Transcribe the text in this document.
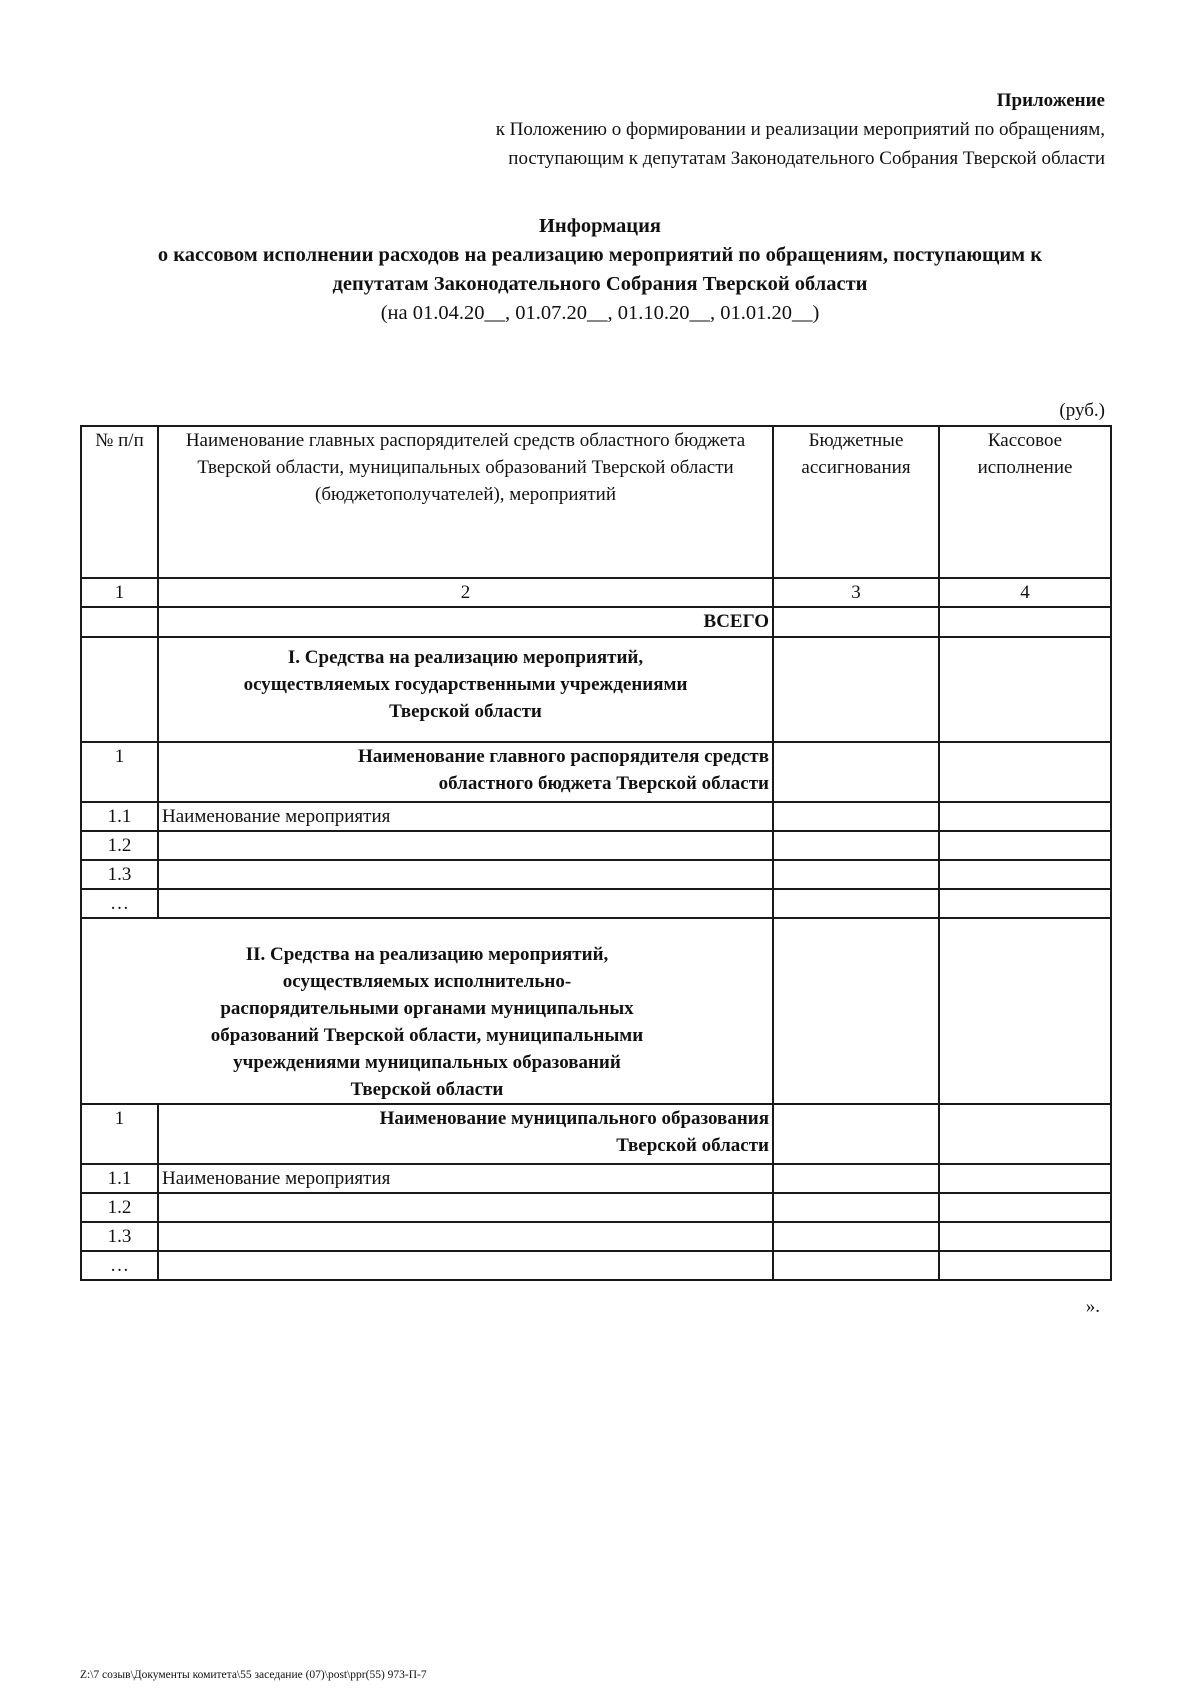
Приложение
к Положению о формировании и реализации мероприятий по обращениям,
поступающим к депутатам Законодательного Собрания Тверской области
Информация
о кассовом исполнении расходов на реализацию мероприятий по обращениям, поступающим к
депутатам Законодательного Собрания Тверской области
(на 01.04.20__, 01.07.20__, 01.10.20__, 01.01.20__)
(руб.)
№ п/п	Наименование главных распорядителей средств областного бюджета Тверской области, муниципальных образований Тверской области (бюджетополучателей), мероприятий	Бюджетные ассигнования	Кассовое исполнение
1	2	3	4
	ВСЕГО		
	I. Средства на реализацию мероприятий, осуществляемых государственными учреждениями Тверской области		
1	Наименование главного распорядителя средств областного бюджета Тверской области		
1.1	Наименование мероприятия		
1.2			
1.3			
…			
II. Средства на реализацию мероприятий, осуществляемых исполнительно-распорядительными органами муниципальных образований Тверской области, муниципальными учреждениями муниципальных образований Тверской области			
1	Наименование муниципального образования Тверской области		
1.1	Наименование мероприятия		
1.2			
1.3			
…			
».
Z:\7 созыв\Документы комитета\55 заседание (07)\post\ppr(55) 973-П-7
